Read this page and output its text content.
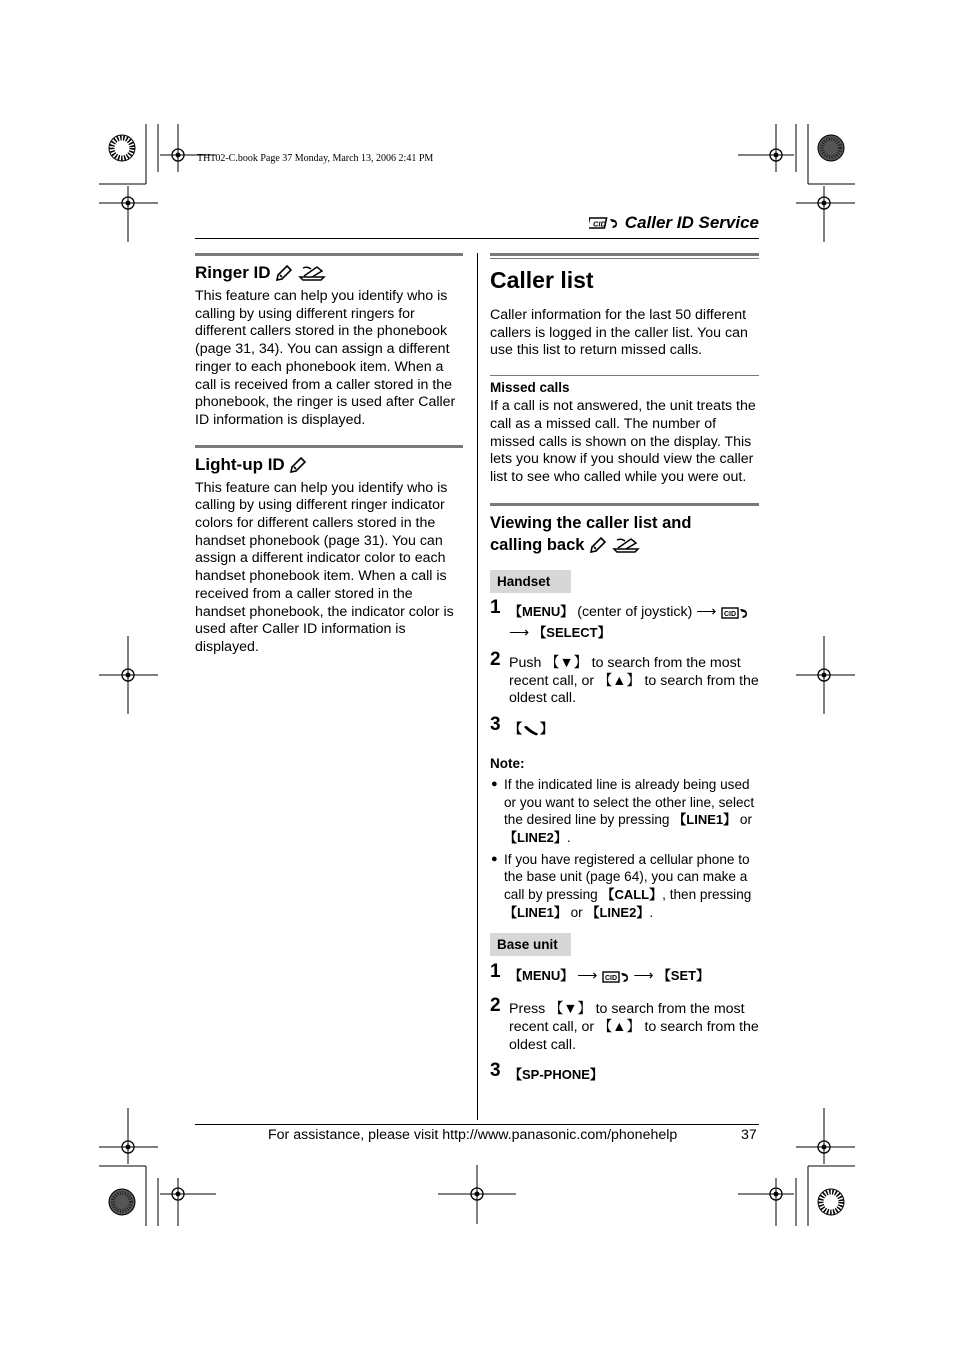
TH102-C.book Page 37 Monday, March 13, 2006 2:41 PM
CID Caller ID Service
Ringer ID

This feature can help you identify who is calling by using different ringers for different callers stored in the phonebook (page 31, 34). You can assign a different ringer to each phonebook item. When a call is received from a caller stored in the phonebook, the ringer is used after Caller ID information is displayed.

Light-up ID

This feature can help you identify who is calling by using different ringer indicator colors for different callers stored in the handset phonebook (page 31). You can assign a different indicator color to each handset phonebook item. When a call is received from a caller stored in the handset phonebook, the indicator color is used after Caller ID information is displayed.

Caller list

Caller information for the last 50 different callers is logged in the caller list. You can use this list to return missed calls.

Missed calls

If a call is not answered, the unit treats the call as a missed call. The number of missed calls is shown on the display. This lets you know if you should view the caller list to see who called while you were out.

Viewing the caller list and
calling back
Handset
1 【MENU】 (center of joystick) ⟶ CID

⟶ 【SELECT】
2 Push 【▼】 to search from the most recent call, or 【▲】 to search from the oldest call.
3 【 】
Note:
● If the indicated line is already being used or you want to select the other line, select the desired line by pressing 【LINE1】 or 【LINE2】.
● If you have registered a cellular phone to the base unit (page 64), you can make a call by pressing 【CALL】, then pressing 【LINE1】 or 【LINE2】.
Base unit
1 【MENU】 ⟶ CID ⟶ 【SET】
2 Press 【▼】 to search from the most recent call, or 【▲】 to search from the oldest call.
3 【SP-PHONE】
For assistance, please visit http://www.panasonic.com/phonehelp	37
